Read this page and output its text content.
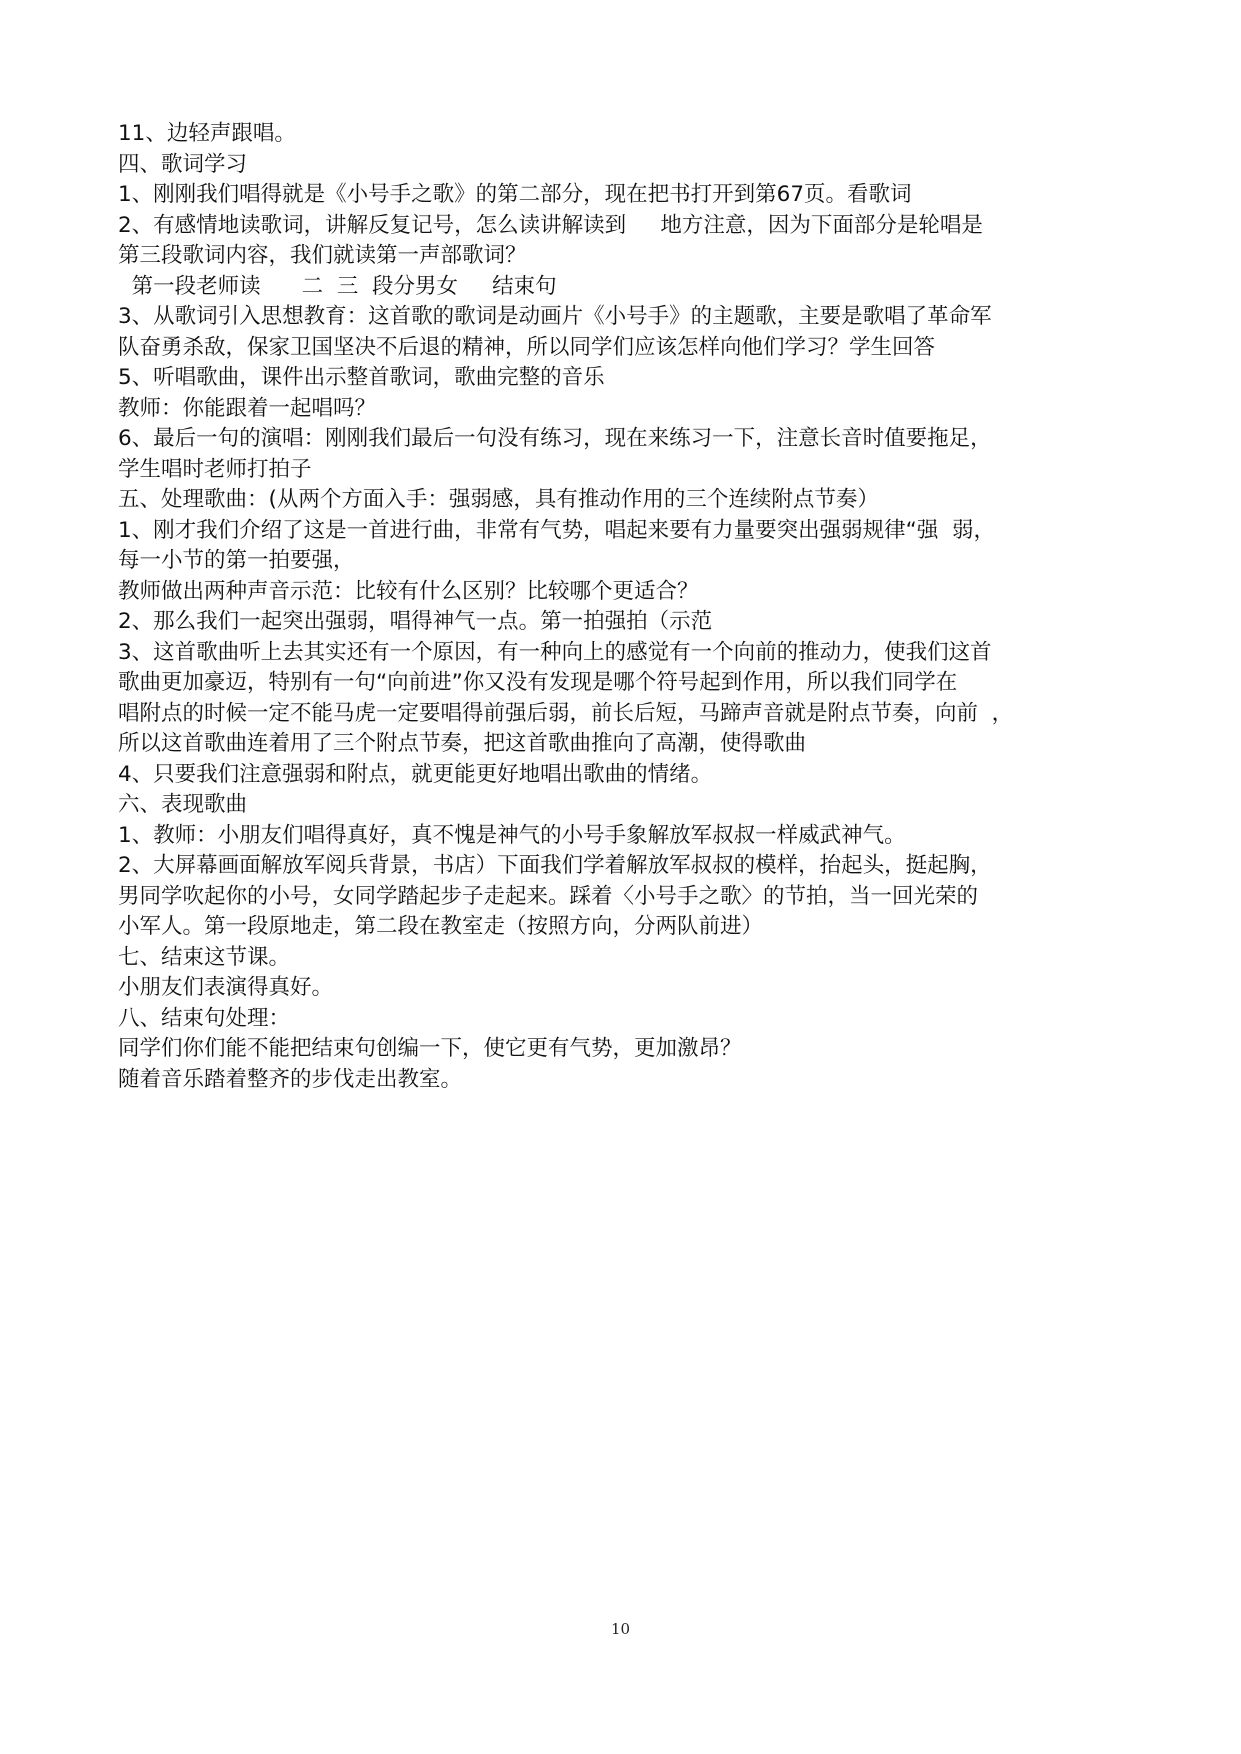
11、边轻声跟唱。
四、歌词学习
1、刚刚我们唱得就是《小号手之歌》的第二部分，现在把书打开到第67页。看歌词
2、有感情地读歌词，讲解反复记号，怎么读讲解读到     地方注意，因为下面部分是轮唱是
第三段歌词内容，我们就读第一声部歌词？
第一段老师读      二  三  段分男女     结束句
3、从歌词引入思想教育：这首歌的歌词是动画片《小号手》的主题歌，主要是歌唱了革命军
队奋勇杀敌，保家卫国坚决不后退的精神，所以同学们应该怎样向他们学习？学生回答
5、听唱歌曲，课件出示整首歌词，歌曲完整的音乐
教师：你能跟着一起唱吗？
6、最后一句的演唱：刚刚我们最后一句没有练习，现在来练习一下，注意长音时值要拖足，
学生唱时老师打拍子
五、处理歌曲：(从两个方面入手：强弱感，具有推动作用的三个连续附点节奏）
1、刚才我们介绍了这是一首进行曲，非常有气势，唱起来要有力量要突出强弱规律“强  弱，
每一小节的第一拍要强，
教师做出两种声音示范：比较有什么区别？比较哪个更适合？
2、那么我们一起突出强弱，唱得神气一点。第一拍强拍（示范
3、这首歌曲听上去其实还有一个原因，有一种向上的感觉有一个向前的推动力，使我们这首
歌曲更加豪迈，特别有一句“向前进”你又没有发现是哪个符号起到作用，所以我们同学在
唱附点的时候一定不能马虎一定要唱得前强后弱，前长后短，马蹄声音就是附点节奏，向前  ，
所以这首歌曲连着用了三个附点节奏，把这首歌曲推向了高潮，使得歌曲
4、只要我们注意强弱和附点，就更能更好地唱出歌曲的情绪。
六、表现歌曲
1、教师：小朋友们唱得真好，真不愧是神气的小号手象解放军叔叔一样威武神气。
2、大屏幕画面解放军阅兵背景，书店）下面我们学着解放军叔叔的模样，抬起头，挺起胸，
男同学吹起你的小号，女同学踏起步子走起来。踩着〈小号手之歌〉的节拍，当一回光荣的
小军人。第一段原地走，第二段在教室走（按照方向，分两队前进）
七、结束这节课。
小朋友们表演得真好。
八、结束句处理：
同学们你们能不能把结束句创编一下，使它更有气势，更加激昂？
随着音乐踏着整齐的步伐走出教室。
10
